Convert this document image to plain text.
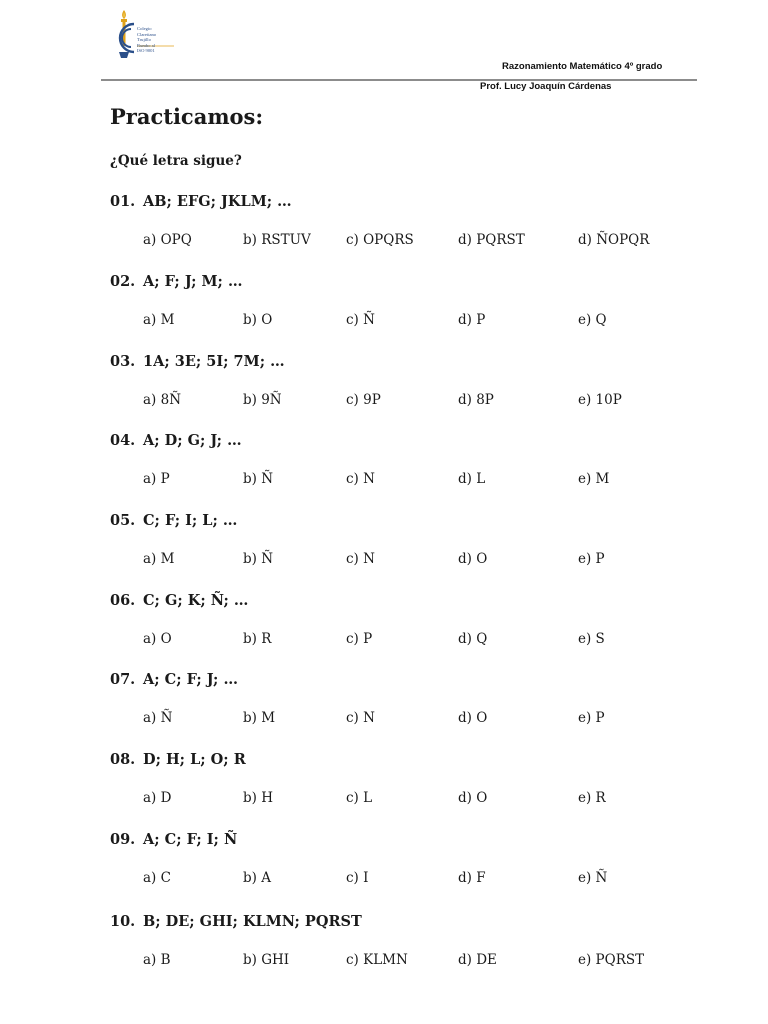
Colegio
Claretiano
Trujillo
Rumbo al
ISO 9001
Razonamiento Matemático 4º grado
Prof. Lucy Joaquín Cárdenas
Practicamos:
¿Qué letra sigue?
01. AB; EFG; JKLM; …
a) OPQ	b) RSTUV	c) OPQRS	d) PQRST	d) ÑOPQR
02. A; F; J; M; …
a) M	b) O	c) Ñ	d) P	e) Q
03. 1A; 3E; 5I; 7M; …
a) 8Ñ	b) 9Ñ	c) 9P	d) 8P	e) 10P
04. A; D; G; J; …
a) P	b) Ñ	c) N	d) L	e) M
05. C; F; I; L; …
a) M	b) Ñ	c) N	d) O	e) P
06. C; G; K; Ñ; …
a) O	b) R	c) P	d) Q	e) S
07. A; C; F; J; …
a) Ñ	b) M	c) N	d) O	e) P
08. D; H; L; O; R
a) D	b) H	c) L	d) O	e) R
09. A; C; F; I; Ñ
a) C	b) A	c) I	d) F	e) Ñ
10. B; DE; GHI; KLMN; PQRST
a) B	b) GHI	c) KLMN	d) DE	e) PQRST
